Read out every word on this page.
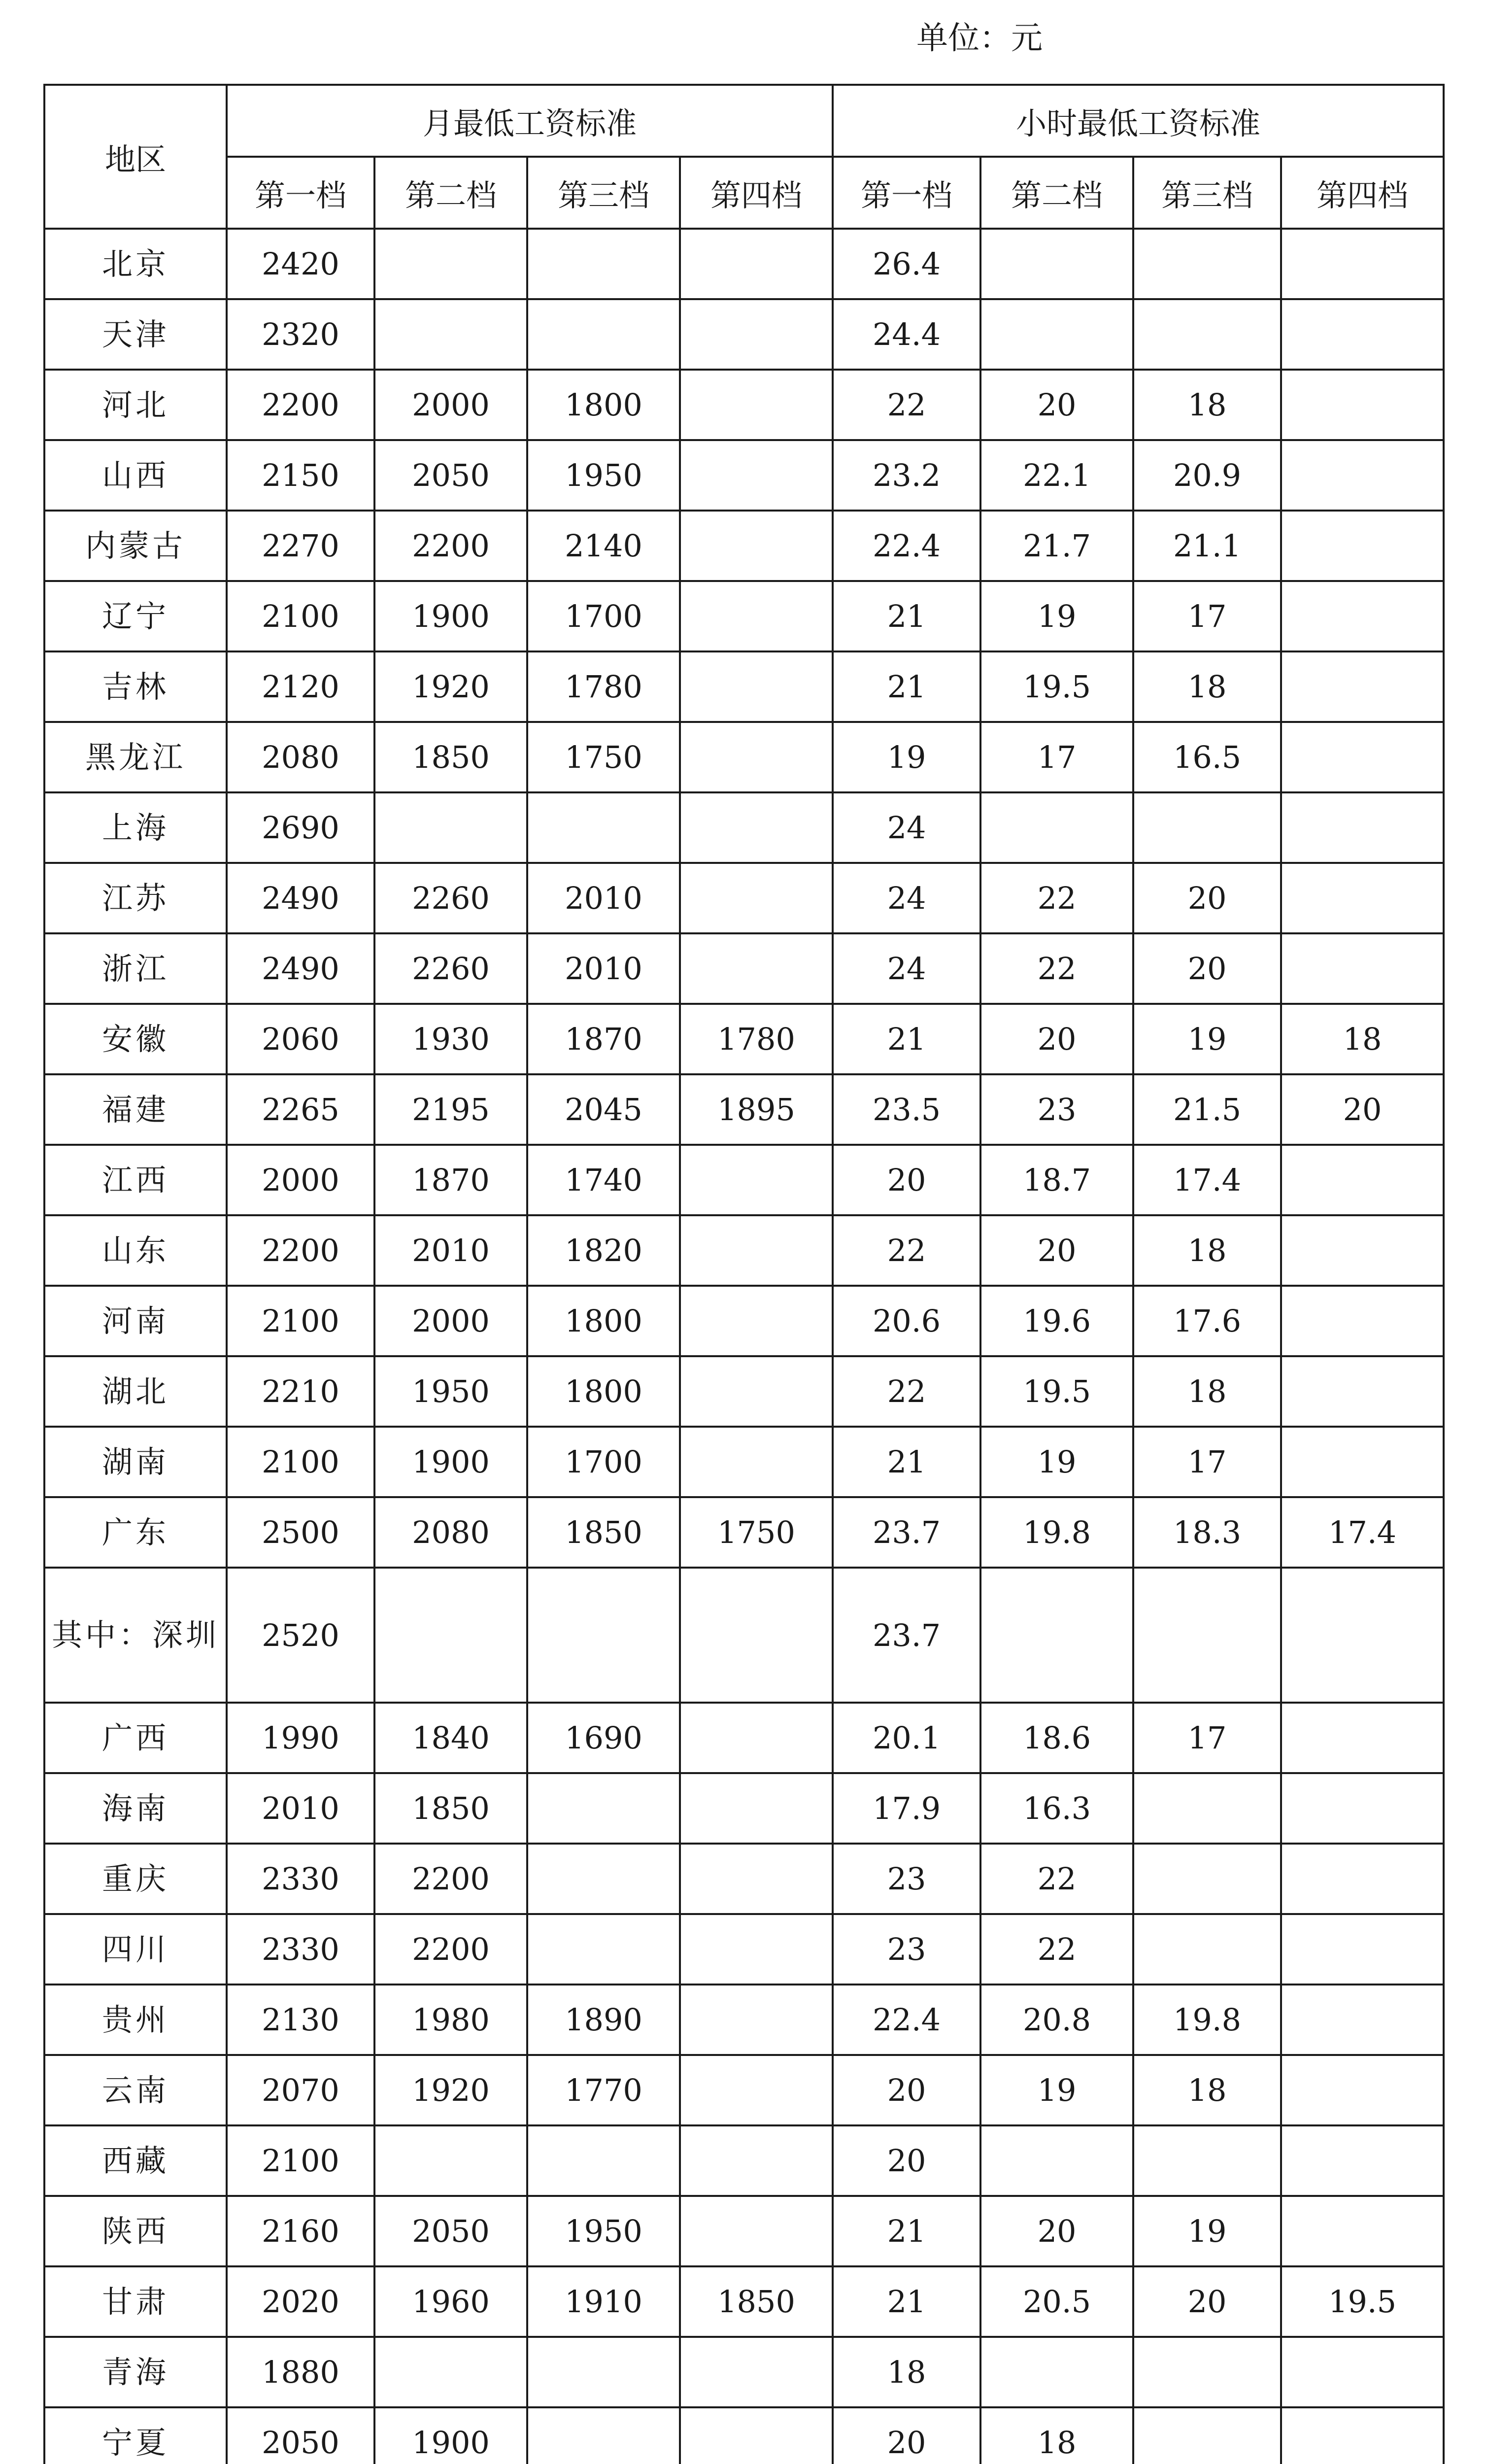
单位：元
地区	月最低工资标准				小时最低工资标准			
	第一档	第二档	第三档	第四档	第一档	第二档	第三档	第四档
北京	2420				26.4			
天津	2320				24.4			
河北	2200	2000	1800		22	20	18	
山西	2150	2050	1950		23.2	22.1	20.9	
内蒙古	2270	2200	2140		22.4	21.7	21.1	
辽宁	2100	1900	1700		21	19	17	
吉林	2120	1920	1780		21	19.5	18	
黑龙江	2080	1850	1750		19	17	16.5	
上海	2690				24			
江苏	2490	2260	2010		24	22	20	
浙江	2490	2260	2010		24	22	20	
安徽	2060	1930	1870	1780	21	20	19	18
福建	2265	2195	2045	1895	23.5	23	21.5	20
江西	2000	1870	1740		20	18.7	17.4	
山东	2200	2010	1820		22	20	18	
河南	2100	2000	1800		20.6	19.6	17.6	
湖北	2210	1950	1800		22	19.5	18	
湖南	2100	1900	1700		21	19	17	
广东	2500	2080	1850	1750	23.7	19.8	18.3	17.4
其中：深圳	2520				23.7			
广西	1990	1840	1690		20.1	18.6	17	
海南	2010	1850			17.9	16.3		
重庆	2330	2200			23	22		
四川	2330	2200			23	22		
贵州	2130	1980	1890		22.4	20.8	19.8	
云南	2070	1920	1770		20	19	18	
西藏	2100				20			
陕西	2160	2050	1950		21	20	19	
甘肃	2020	1960	1910	1850	21	20.5	20	19.5
青海	1880				18			
宁夏	2050	1900			20	18		
